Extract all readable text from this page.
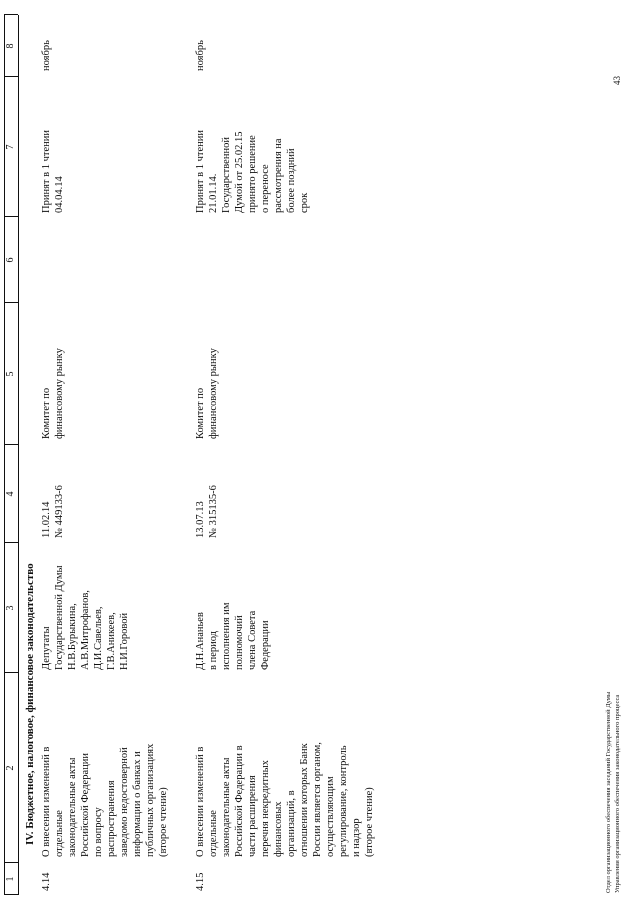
1
2
3
4
5
6
7
8
IV. Бюджетное, налоговое, финансовое законодательство
4.14
О внесении изменений в отдельные законодательные акты Российской Федерации по вопросу распространения заведомо недостоверной информации о банках и публичных организациях (второе чтение)
Депутаты Государственной Думы Н.В.Бурыкина, А.В.Митрофанов, Д.И.Савельев, Г.В.Аникеев, Н.И.Горовой
11.02.14 № 449133-6
Комитет по финансовому рынку
Принят в 1 чтении 04.04.14
ноябрь
4.15
О внесении изменений в отдельные законодательные акты Российской Федерации в части расширения перечня некредитных финансовых организаций, в отношении которых Банк России является органом, осуществляющим регулирование, контроль и надзор (второе чтение)
Д.Н.Ананьев в период исполнения им полномочий члена Совета Федерации
13.07.13 № 315135-6
Комитет по финансовому рынку
Принят в 1 чтении 21.01.14. Государственной Думой от 25.02.15 принято решение о переносе рассмотрения на более поздний срок
ноябрь
Отдел организационного обеспечения заседаний Государственной Думы Управления организационного обеспечения законодательного процесса
43
